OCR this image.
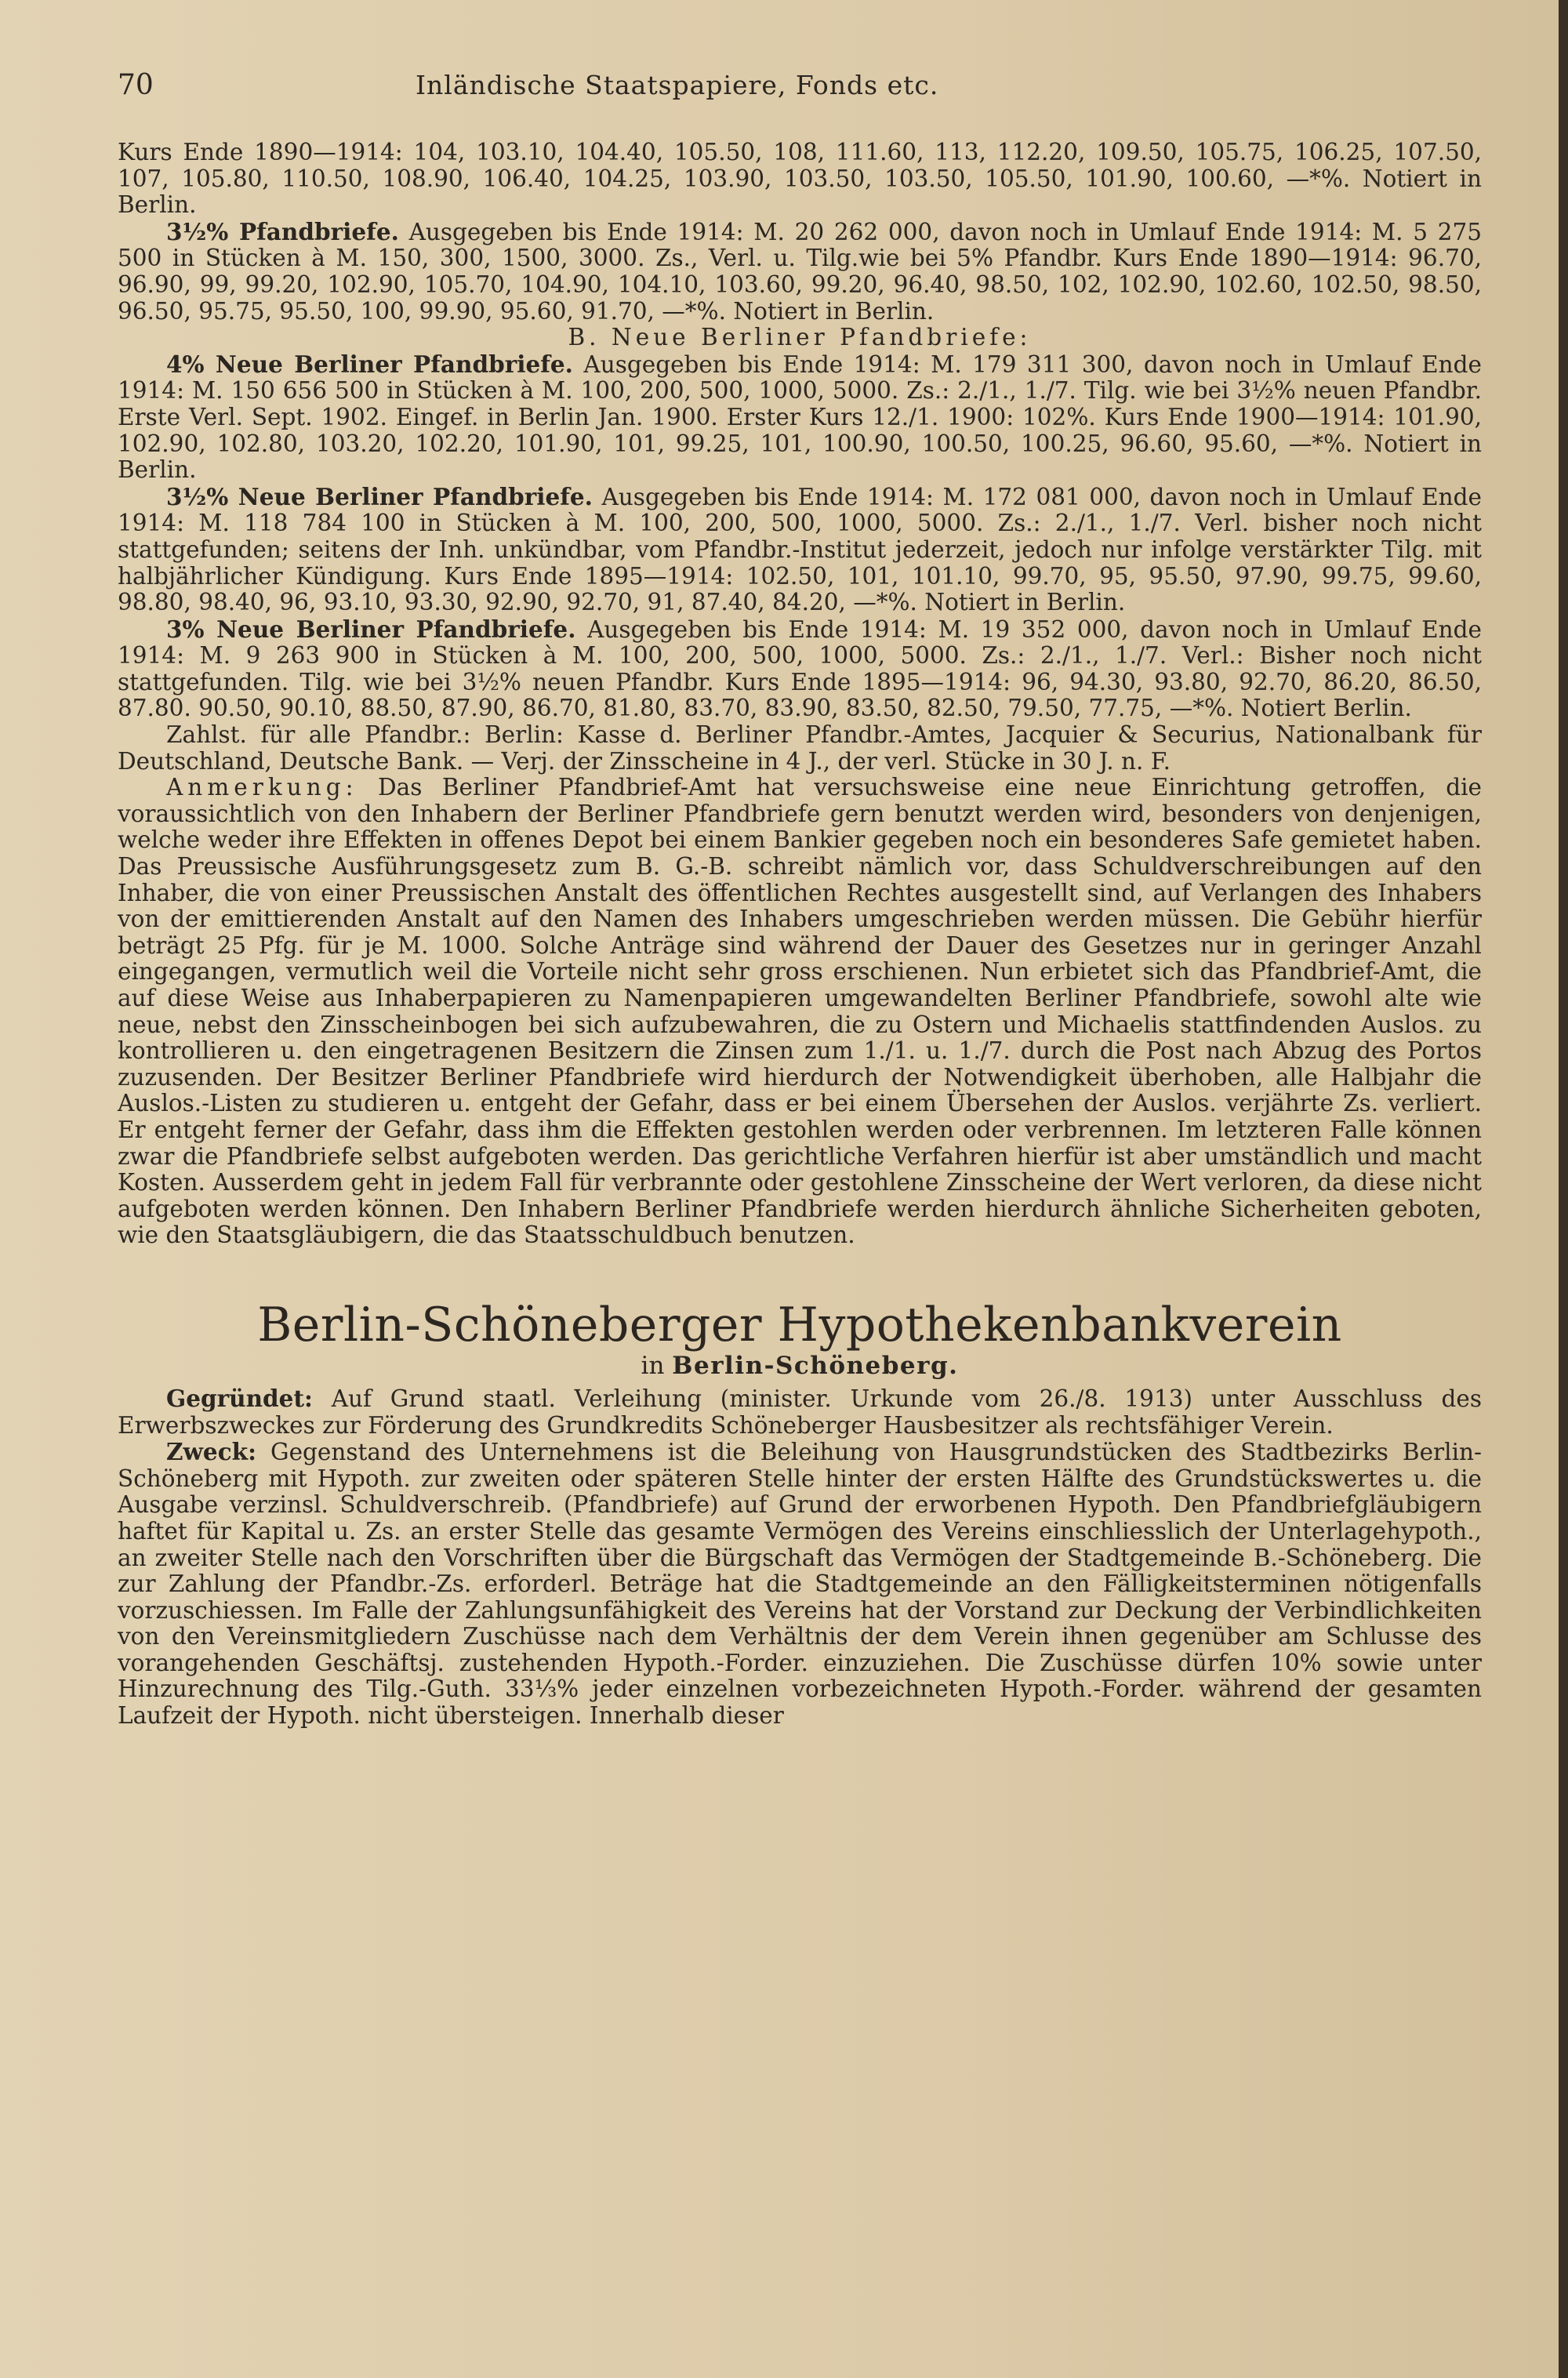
70	Inländische Staatspapiere, Fonds etc.

Kurs Ende 1890—1914: 104, 103.10, 104.40, 105.50, 108, 111.60, 113, 112.20, 109.50, 105.75, 106.25, 107.50, 107, 105.80, 110.50, 108.90, 106.40, 104.25, 103.90, 103.50, 103.50, 105.50, 101.90, 100.60, —*%. Notiert in Berlin.

3½% Pfandbriefe. Ausgegeben bis Ende 1914: M. 20 262 000, davon noch in Umlauf Ende 1914: M. 5 275 500 in Stücken à M. 150, 300, 1500, 3000. Zs., Verl. u. Tilg.wie bei 5% Pfandbr. Kurs Ende 1890—1914: 96.70, 96.90, 99, 99.20, 102.90, 105.70, 104.90, 104.10, 103.60, 99.20, 96.40, 98.50, 102, 102.90, 102.60, 102.50, 98.50, 96.50, 95.75, 95.50, 100, 99.90, 95.60, 91.70, —*%. Notiert in Berlin.

B. Neue Berliner Pfandbriefe:

4% Neue Berliner Pfandbriefe. Ausgegeben bis Ende 1914: M. 179 311 300, davon noch in Umlauf Ende 1914: M. 150 656 500 in Stücken à M. 100, 200, 500, 1000, 5000. Zs.: 2./1., 1./7. Tilg. wie bei 3½% neuen Pfandbr. Erste Verl. Sept. 1902. Eingef. in Berlin Jan. 1900. Erster Kurs 12./1. 1900: 102%. Kurs Ende 1900—1914: 101.90, 102.90, 102.80, 103.20, 102.20, 101.90, 101, 99.25, 101, 100.90, 100.50, 100.25, 96.60, 95.60, —*%. Notiert in Berlin.

3½% Neue Berliner Pfandbriefe. Ausgegeben bis Ende 1914: M. 172 081 000, davon noch in Umlauf Ende 1914: M. 118 784 100 in Stücken à M. 100, 200, 500, 1000, 5000. Zs.: 2./1., 1./7. Verl. bisher noch nicht stattgefunden; seitens der Inh. unkündbar, vom Pfandbr.-Institut jederzeit, jedoch nur infolge verstärkter Tilg. mit halbjährlicher Kündigung. Kurs Ende 1895—1914: 102.50, 101, 101.10, 99.70, 95, 95.50, 97.90, 99.75, 99.60, 98.80, 98.40, 96, 93.10, 93.30, 92.90, 92.70, 91, 87.40, 84.20, —*%. Notiert in Berlin.

3% Neue Berliner Pfandbriefe. Ausgegeben bis Ende 1914: M. 19 352 000, davon noch in Umlauf Ende 1914: M. 9 263 900 in Stücken à M. 100, 200, 500, 1000, 5000. Zs.: 2./1., 1./7. Verl.: Bisher noch nicht stattgefunden. Tilg. wie bei 3½% neuen Pfandbr. Kurs Ende 1895—1914: 96, 94.30, 93.80, 92.70, 86.20, 86.50, 87.80. 90.50, 90.10, 88.50, 87.90, 86.70, 81.80, 83.70, 83.90, 83.50, 82.50, 79.50, 77.75, —*%. Notiert Berlin.

Zahlst. für alle Pfandbr.: Berlin: Kasse d. Berliner Pfandbr.-Amtes, Jacquier & Securius, Nationalbank für Deutschland, Deutsche Bank. — Verj. der Zinsscheine in 4 J., der verl. Stücke in 30 J. n. F.

Anmerkung: Das Berliner Pfandbrief-Amt hat versuchsweise eine neue Einrichtung getroffen, die voraussichtlich von den Inhabern der Berliner Pfandbriefe gern benutzt werden wird, besonders von denjenigen, welche weder ihre Effekten in offenes Depot bei einem Bankier gegeben noch ein besonderes Safe gemietet haben. Das Preussische Ausführungsgesetz zum B. G.-B. schreibt nämlich vor, dass Schuldverschreibungen auf den Inhaber, die von einer Preussischen Anstalt des öffentlichen Rechtes ausgestellt sind, auf Verlangen des Inhabers von der emittierenden Anstalt auf den Namen des Inhabers umgeschrieben werden müssen. Die Gebühr hierfür beträgt 25 Pfg. für je M. 1000. Solche Anträge sind während der Dauer des Gesetzes nur in geringer Anzahl eingegangen, vermutlich weil die Vorteile nicht sehr gross erschienen. Nun erbietet sich das Pfandbrief-Amt, die auf diese Weise aus Inhaberpapieren zu Namenpapieren umgewandelten Berliner Pfandbriefe, sowohl alte wie neue, nebst den Zinsscheinbogen bei sich aufzubewahren, die zu Ostern und Michaelis stattfindenden Auslos. zu kontrollieren u. den eingetragenen Besitzern die Zinsen zum 1./1. u. 1./7. durch die Post nach Abzug des Portos zuzusenden. Der Besitzer Berliner Pfandbriefe wird hierdurch der Notwendigkeit überhoben, alle Halbjahr die Auslos.-Listen zu studieren u. entgeht der Gefahr, dass er bei einem Übersehen der Auslos. verjährte Zs. verliert. Er entgeht ferner der Gefahr, dass ihm die Effekten gestohlen werden oder verbrennen. Im letzteren Falle können zwar die Pfandbriefe selbst aufgeboten werden. Das gerichtliche Verfahren hierfür ist aber umständlich und macht Kosten. Ausserdem geht in jedem Fall für verbrannte oder gestohlene Zinsscheine der Wert verloren, da diese nicht aufgeboten werden können. Den Inhabern Berliner Pfandbriefe werden hierdurch ähnliche Sicherheiten geboten, wie den Staatsgläubigern, die das Staatsschuldbuch benutzen.

Berlin-Schöneberger Hypothekenbankverein
in Berlin-Schöneberg.

Gegründet: Auf Grund staatl. Verleihung (minister. Urkunde vom 26./8. 1913) unter Ausschluss des Erwerbszweckes zur Förderung des Grundkredits Schöneberger Hausbesitzer als rechtsfähiger Verein.

Zweck: Gegenstand des Unternehmens ist die Beleihung von Hausgrundstücken des Stadtbezirks Berlin-Schöneberg mit Hypoth. zur zweiten oder späteren Stelle hinter der ersten Hälfte des Grundstückswertes u. die Ausgabe verzinsl. Schuldverschreib. (Pfandbriefe) auf Grund der erworbenen Hypoth. Den Pfandbriefgläubigern haftet für Kapital u. Zs. an erster Stelle das gesamte Vermögen des Vereins einschliesslich der Unterlagehypoth., an zweiter Stelle nach den Vorschriften über die Bürgschaft das Vermögen der Stadtgemeinde B.-Schöneberg. Die zur Zahlung der Pfandbr.-Zs. erforderl. Beträge hat die Stadtgemeinde an den Fälligkeitsterminen nötigenfalls vorzuschiessen. Im Falle der Zahlungsunfähigkeit des Vereins hat der Vorstand zur Deckung der Verbindlichkeiten von den Vereinsmitgliedern Zuschüsse nach dem Verhältnis der dem Verein ihnen gegenüber am Schlusse des vorangehenden Geschäftsj. zustehenden Hypoth.-Forder. einzuziehen. Die Zuschüsse dürfen 10% sowie unter Hinzurechnung des Tilg.-Guth. 33⅓% jeder einzelnen vorbezeichneten Hypoth.-Forder. während der gesamten Laufzeit der Hypoth. nicht übersteigen. Innerhalb dieser
